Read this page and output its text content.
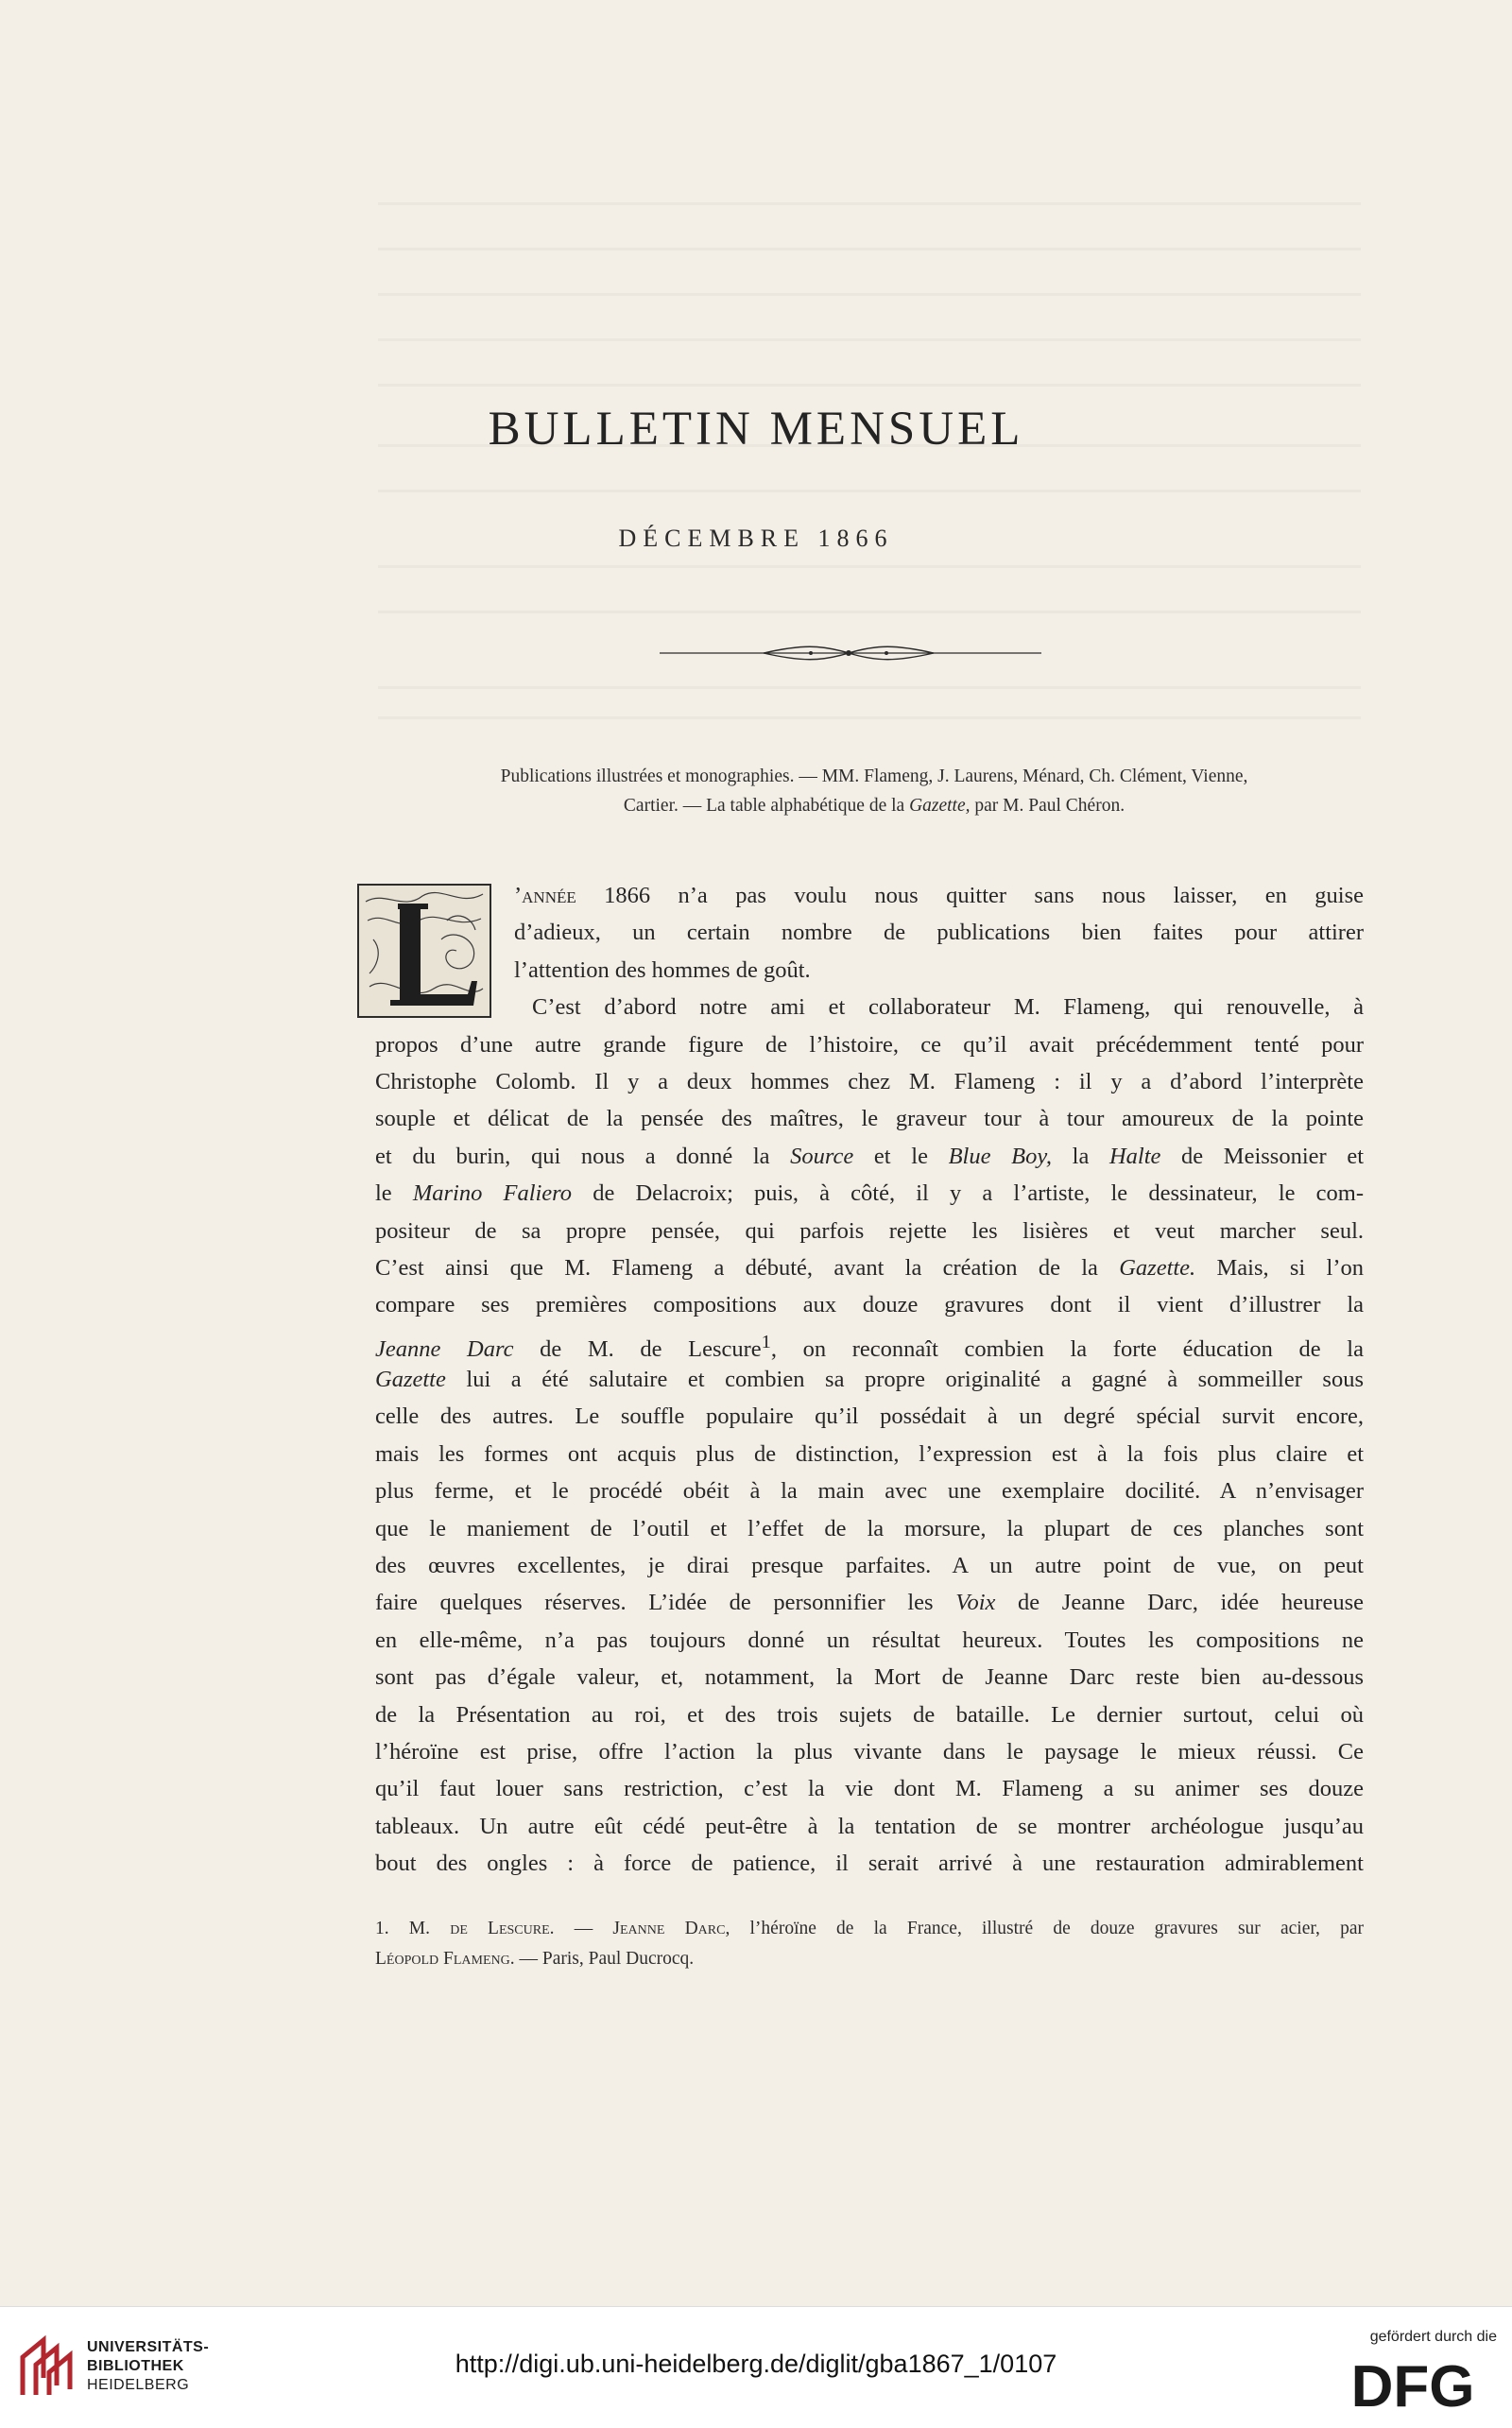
BULLETIN MENSUEL
DÉCEMBRE 1866
Publications illustrées et monographies. — MM. Flameng, J. Laurens, Ménard, Ch. Clément, Vienne,
Cartier. — La table alphabétique de la Gazette, par M. Paul Chéron.
’année 1866 n’a pas voulu nous quitter sans nous laisser, en guise
d’adieux, un certain nombre de publications bien faites pour attirer
l’attention des hommes de goût.
C’est d’abord notre ami et collaborateur M. Flameng, qui renouvelle, à
propos d’une autre grande figure de l’histoire, ce qu’il avait précédemment tenté pour
Christophe Colomb. Il y a deux hommes chez M. Flameng : il y a d’abord l’interprète
souple et délicat de la pensée des maîtres, le graveur tour à tour amoureux de la pointe
et du burin, qui nous a donné la Source et le Blue Boy, la Halte de Meissonier et
le Marino Faliero de Delacroix; puis, à côté, il y a l’artiste, le dessinateur, le com-
positeur de sa propre pensée, qui parfois rejette les lisières et veut marcher seul.
C’est ainsi que M. Flameng a débuté, avant la création de la Gazette. Mais, si l’on
compare ses premières compositions aux douze gravures dont il vient d’illustrer la
Jeanne Darc de M. de Lescure$^1$, on reconnaît combien la forte éducation de la
Gazette lui a été salutaire et combien sa propre originalité a gagné à sommeiller sous
celle des autres. Le souffle populaire qu’il possédait à un degré spécial survit encore,
mais les formes ont acquis plus de distinction, l’expression est à la fois plus claire et
plus ferme, et le procédé obéit à la main avec une exemplaire docilité. A n’envisager
que le maniement de l’outil et l’effet de la morsure, la plupart de ces planches sont
des œuvres excellentes, je dirai presque parfaites. A un autre point de vue, on peut
faire quelques réserves. L’idée de personnifier les Voix de Jeanne Darc, idée heureuse
en elle-même, n’a pas toujours donné un résultat heureux. Toutes les compositions ne
sont pas d’égale valeur, et, notamment, la Mort de Jeanne Darc reste bien au-dessous
de la Présentation au roi, et des trois sujets de bataille. Le dernier surtout, celui où
l’héroïne est prise, offre l’action la plus vivante dans le paysage le mieux réussi. Ce
qu’il faut louer sans restriction, c’est la vie dont M. Flameng a su animer ses douze
tableaux. Un autre eût cédé peut-être à la tentation de se montrer archéologue jusqu’au
bout des ongles : à force de patience, il serait arrivé à une restauration admirablement
1. M. de Lescure. — Jeanne Darc, l’héroïne de la France, illustré de douze gravures sur acier, par
Léopold Flameng. — Paris, Paul Ducrocq.
UNIVERSITÄTS-
BIBLIOTHEK
HEIDELBERG
http://digi.ub.uni-heidelberg.de/diglit/gba1867_1/0107
gefördert durch die
DFG
